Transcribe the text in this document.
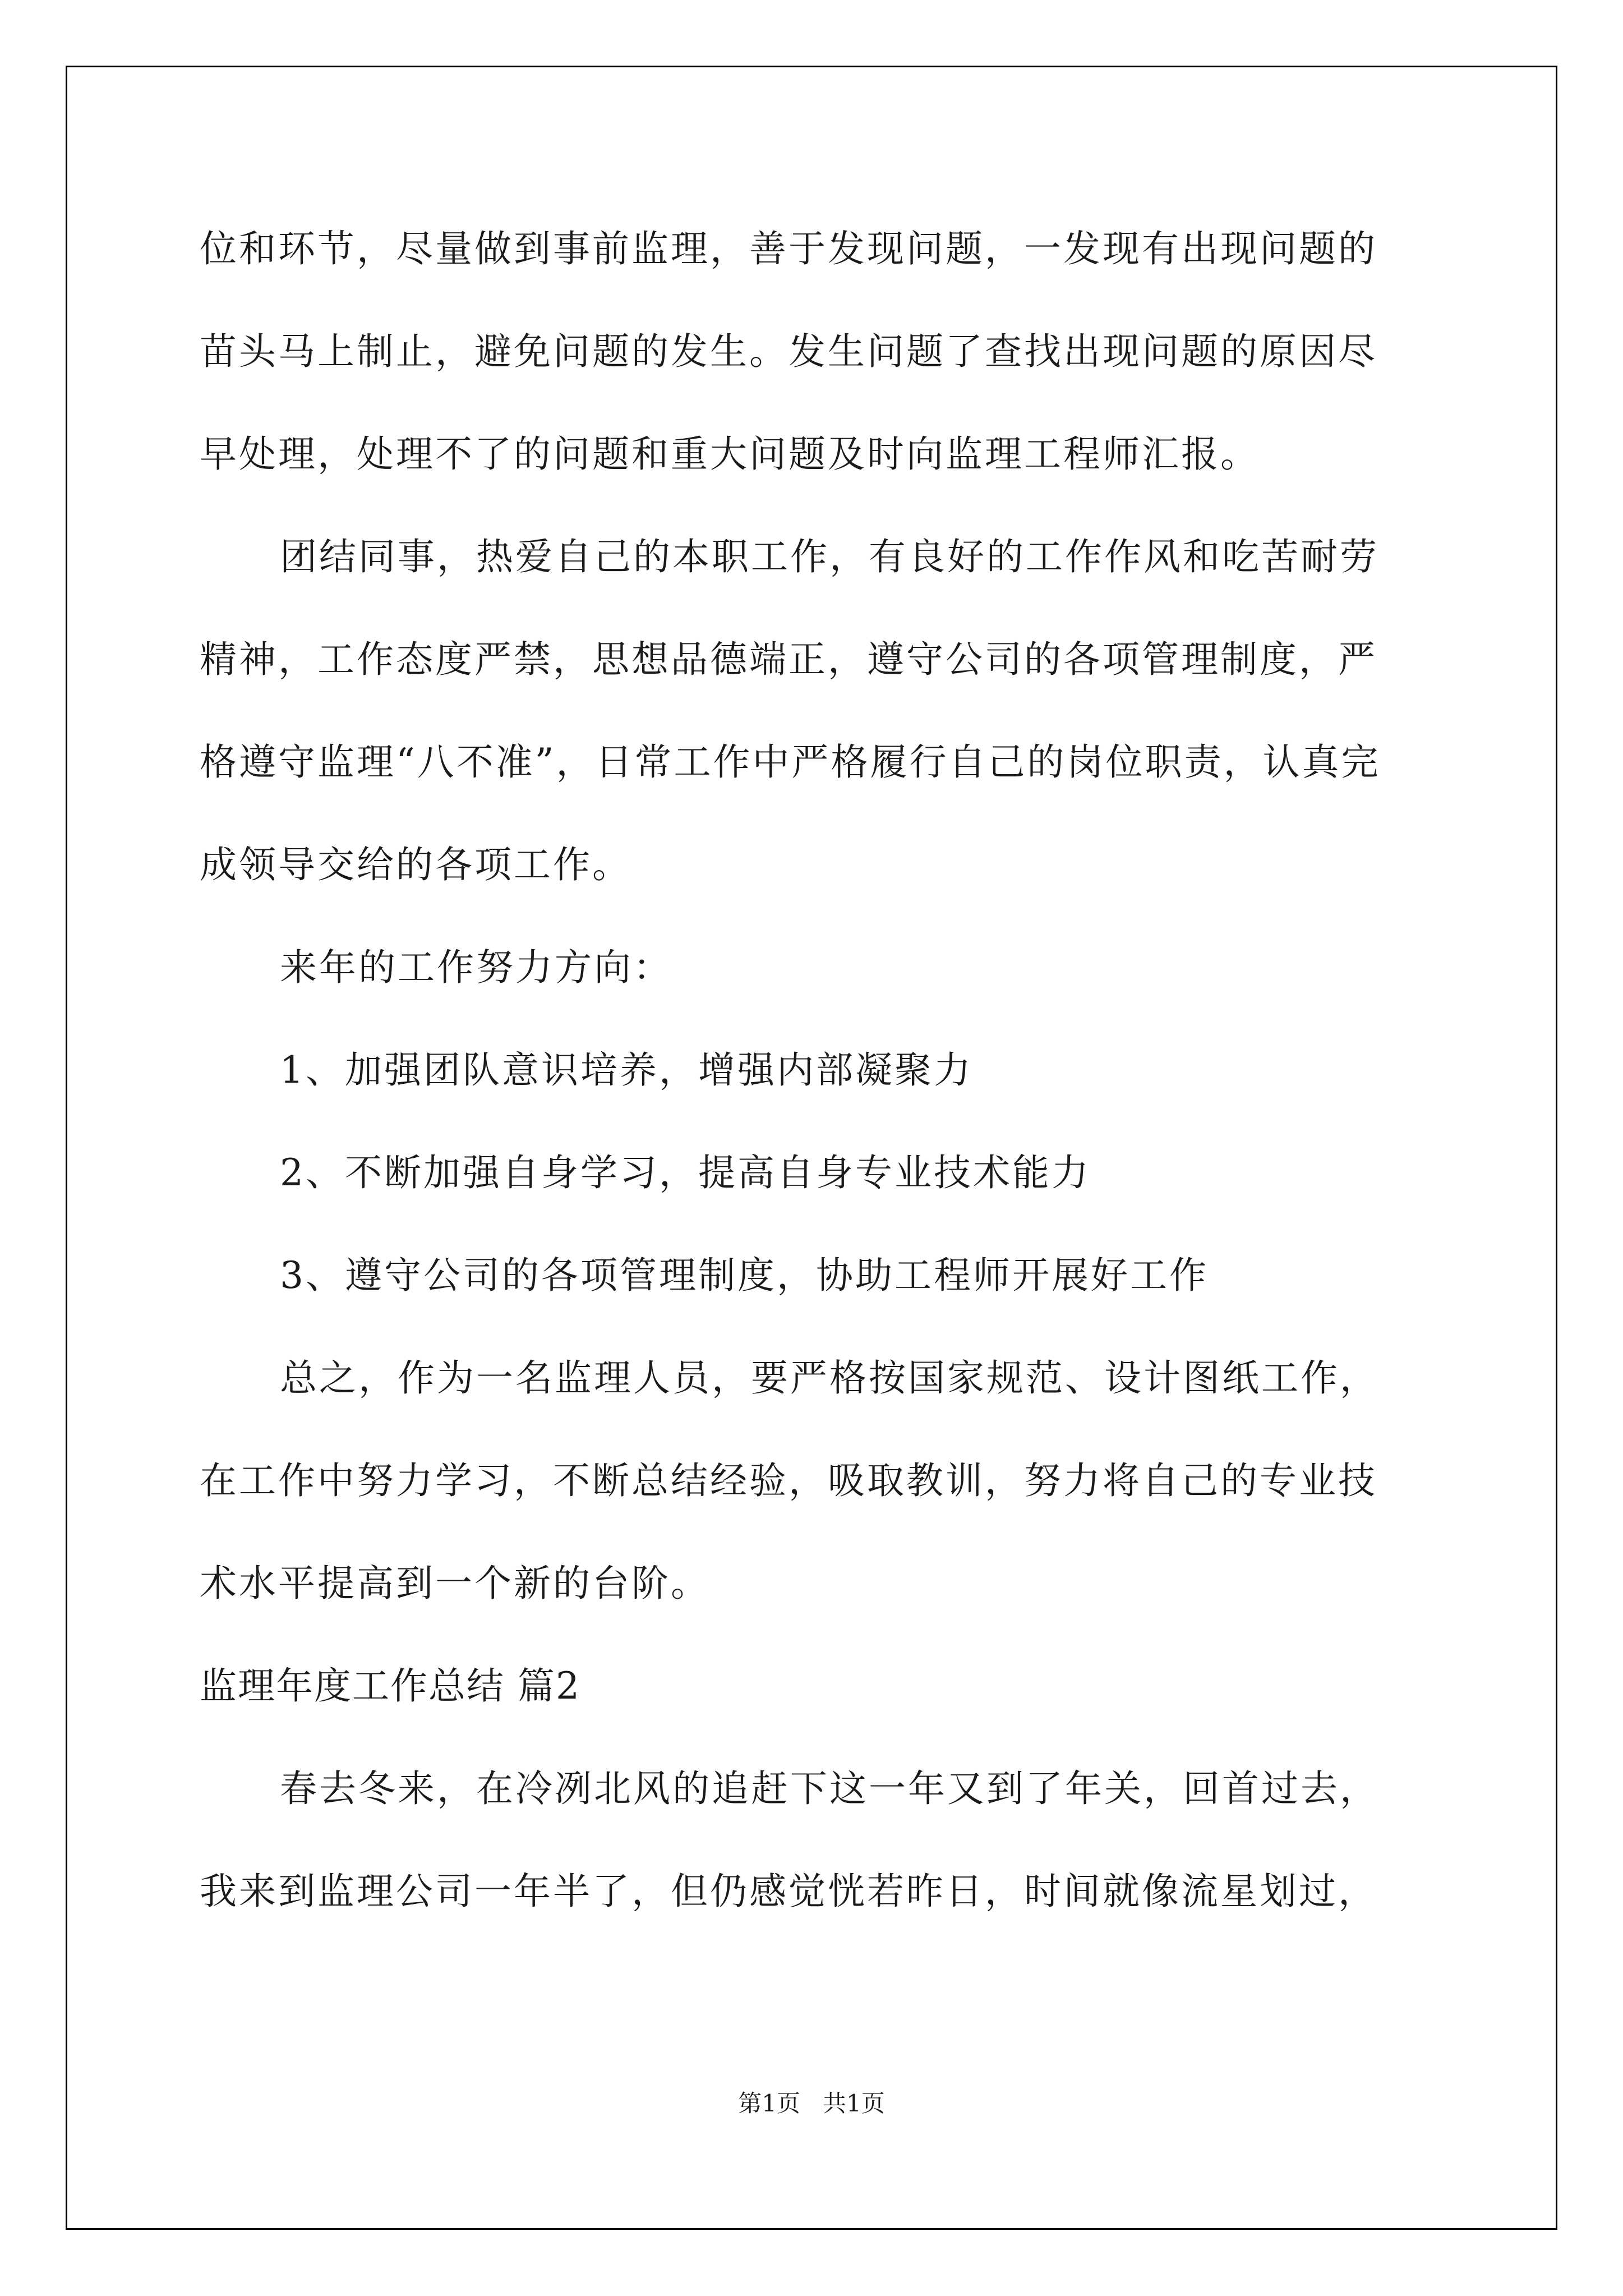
位和环节，尽量做到事前监理，善于发现问题，一发现有出现问题的
苗头马上制止，避免问题的发生。发生问题了查找出现问题的原因尽
早处理，处理不了的问题和重大问题及时向监理工程师汇报。
团结同事，热爱自己的本职工作，有良好的工作作风和吃苦耐劳
精神，工作态度严禁，思想品德端正，遵守公司的各项管理制度，严
格遵守监理“八不准”，日常工作中严格履行自己的岗位职责，认真完
成领导交给的各项工作。
来年的工作努力方向：
1、加强团队意识培养，增强内部凝聚力
2、不断加强自身学习，提高自身专业技术能力
3、遵守公司的各项管理制度，协助工程师开展好工作
总之，作为一名监理人员，要严格按国家规范、设计图纸工作，
在工作中努力学习，不断总结经验，吸取教训，努力将自己的专业技
术水平提高到一个新的台阶。
监理年度工作总结 篇2
春去冬来，在冷冽北风的追赶下这一年又到了年关，回首过去，
我来到监理公司一年半了，但仍感觉恍若昨日，时间就像流星划过，
第1页   共1页
